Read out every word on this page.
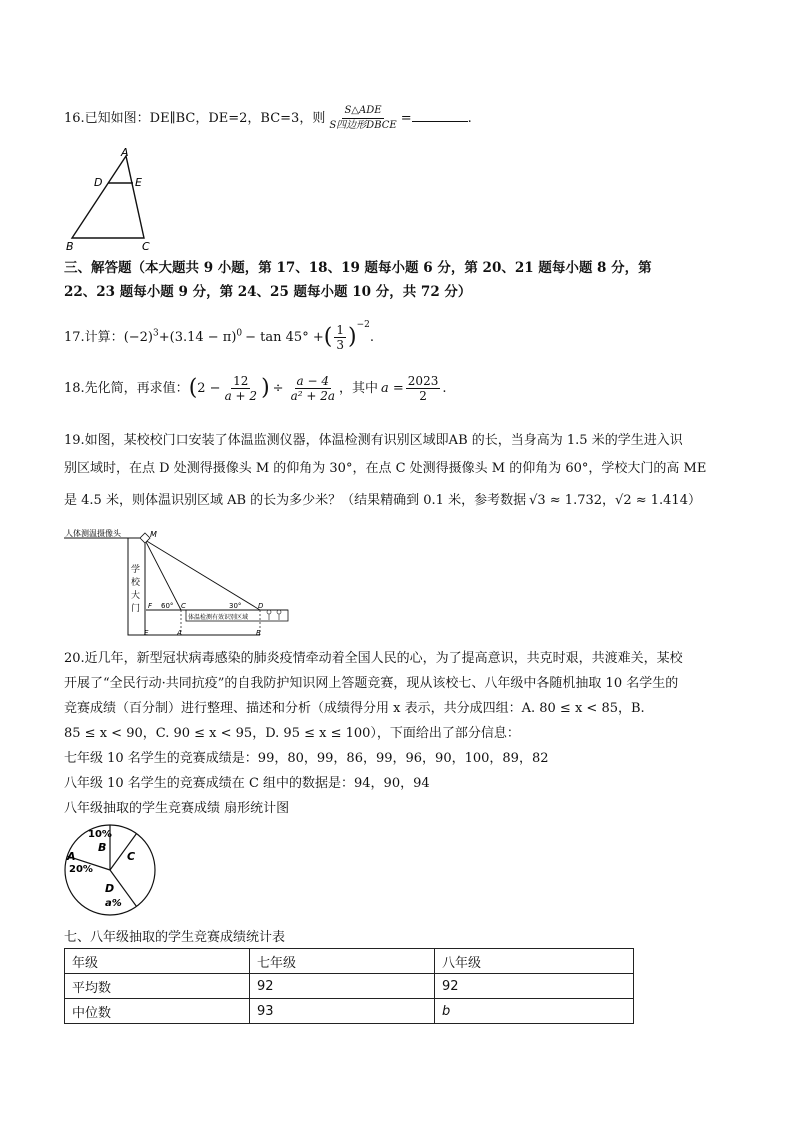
16.已知如图：DE∥BC，DE=2，BC=3，则 $\frac{\text{S△ADE}}{\text{S四边形DBCE}}$ =	.
A
D	E
B	C
三、解答题（本大题共 9 小题，第 17、18、19 题每小题 6 分，第 20、21 题每小题 8 分，第
22、23 题每小题 9 分，第 24、25 题每小题 10 分，共 72 分）
17.计算：$(-2)^3+(3.14 - \pi)^0 - \tan 45^\circ$ +( $\frac{1}{3} )^{-2}$.
18.先化简，再求值：($2 - \frac{12}{a + 2}$ ) ÷ $\frac{a - 4}{\text{a² + 2a}}$ ，其中 $a = \frac{2023}{2}$ .
19.如图，某校校门口安装了体温监测仪器，体温检测有识别区域即AB 的长，当身高为 1.5 米的学生进入识
别区域时，在点 D 处测得摄像头 M 的仰角为 30°，在点 C 处测得摄像头 M 的仰角为 60°，学校大门的高 ME
是 4.5 米，则体温识别区域 AB 的长为多少米？（结果精确到 0.1 米，参考数据 √3 ≈ 1.732，√2 ≈ 1.414）
人体测温摄像头	M
学
校
大
门 F 60° C	30° D
体温检测有效识别区域
E	A	B
20.近几年，新型冠状病毒感染的肺炎疫情牵动着全国人民的心，为了提高意识，共克时艰，共渡难关，某校
开展了“全民行动·共同抗疫”的自我防护知识网上答题竞赛，现从该校七、八年级中各随机抽取 10 名学生的
竞赛成绩（百分制）进行整理、描述和分析（成绩得分用 x 表示，共分成四组：A. 80 ≤ x < 85，B.
85 ≤ x < 90，C. 90 ≤ x < 95，D. 95 ≤ x ≤ 100），下面给出了部分信息：
七年级 10 名学生的竞赛成绩是：99，80，99，86，99，96，90，100，89，82
八年级 10 名学生的竞赛成绩在 C 组中的数据是：94，90，94
八年级抽取的学生竞赛成绩 扇形统计图
A
20%
B
10%
C
D
a%
七、八年级抽取的学生竞赛成绩统计表
年级	七年级	八年级
平均数	92	92
中位数	93	b
